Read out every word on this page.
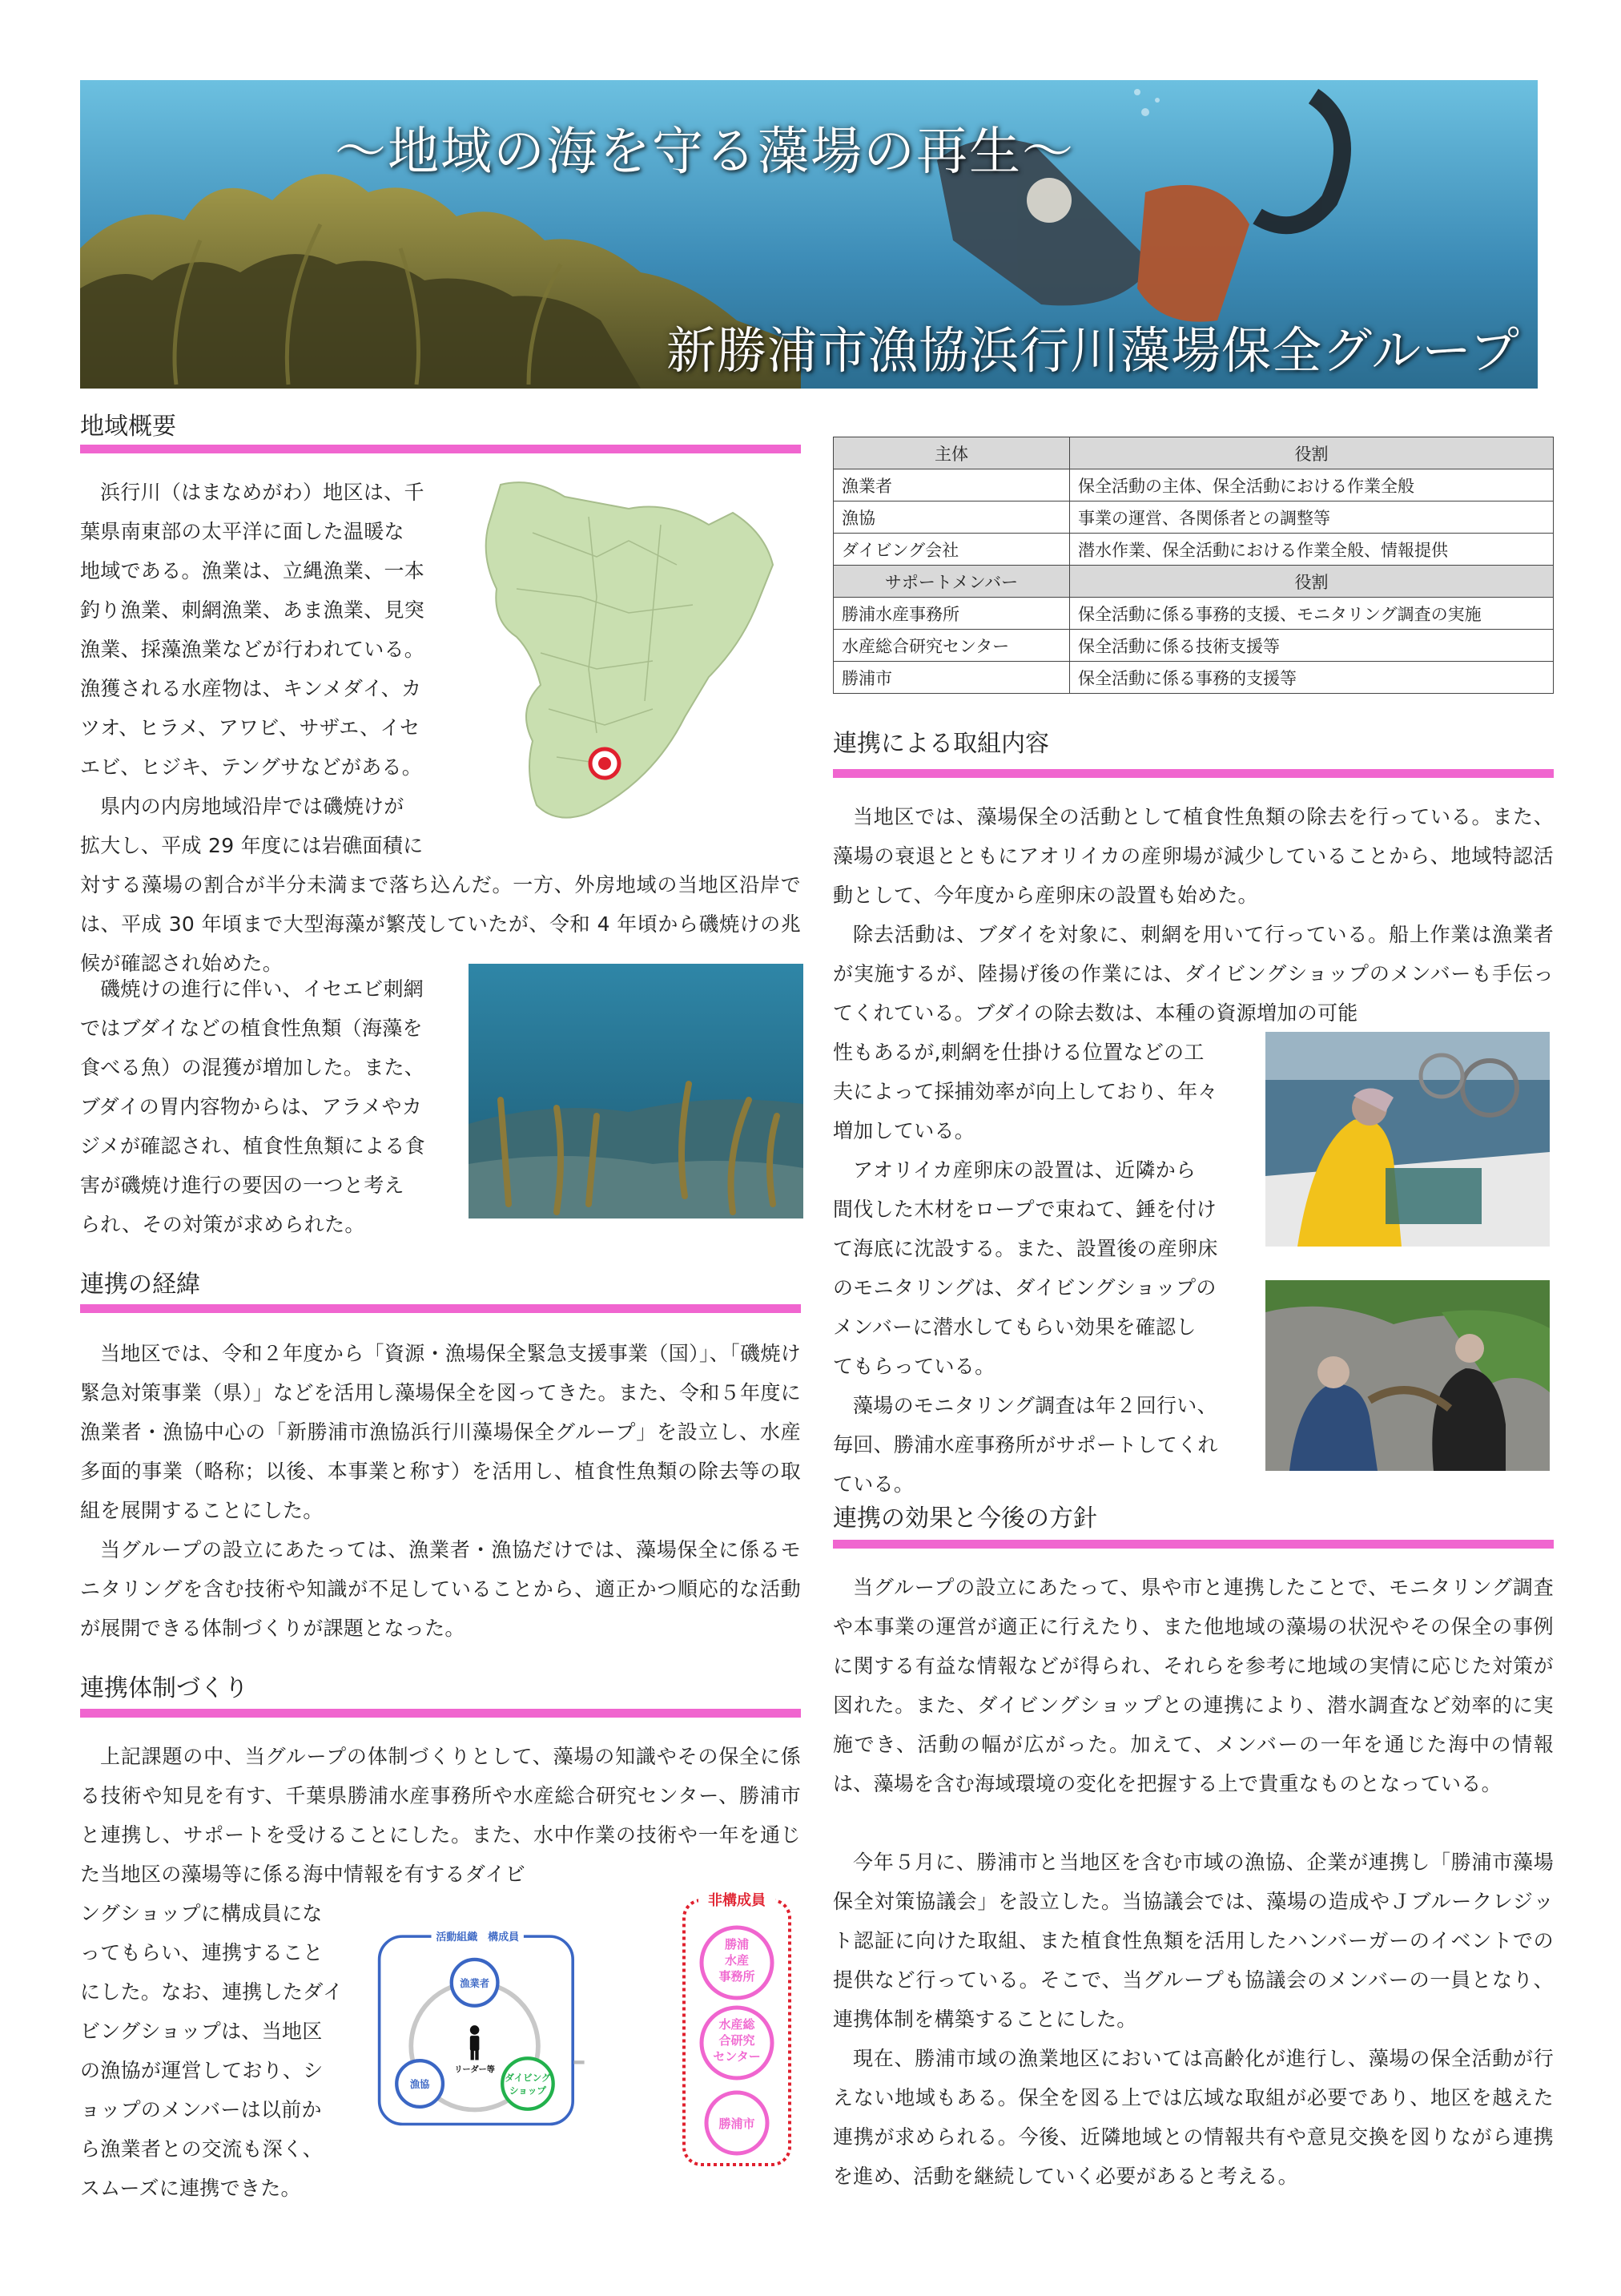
～地域の海を守る藻場の再生～
新勝浦市漁協浜行川藻場保全グループ
地域概要
浜行川（はまなめがわ）地区は、千
葉県南東部の太平洋に面した温暖な
地域である。漁業は、立縄漁業、一本
釣り漁業、刺網漁業、あま漁業、見突
漁業、採藻漁業などが行われている。
漁獲される水産物は、キンメダイ、カ
ツオ、ヒラメ、アワビ、サザエ、イセ
エビ、ヒジキ、テングサなどがある。
県内の内房地域沿岸では磯焼けが
拡大し、平成 29 年度には岩礁面積に
対する藻場の割合が半分未満まで落ち込んだ。一方、外房地域の当地区沿岸では、平成 30 年頃まで大型海藻が繁茂していたが、令和 4 年頃から磯焼けの兆候が確認され始めた。
磯焼けの進行に伴い、イセエビ刺網
ではブダイなどの植食性魚類（海藻を
食べる魚）の混獲が増加した。また、
ブダイの胃内容物からは、アラメやカ
ジメが確認され、植食性魚類による食
害が磯焼け進行の要因の一つと考え
られ、その対策が求められた。
連携の経緯
当地区では、令和２年度から「資源・漁場保全緊急支援事業（国）」、「磯焼け緊急対策事業（県）」などを活用し藻場保全を図ってきた。また、令和５年度に漁業者・漁協中心の「新勝浦市漁協浜行川藻場保全グループ」を設立し、水産多面的事業（略称；以後、本事業と称す）を活用し、植食性魚類の除去等の取組を展開することにした。
当グループの設立にあたっては、漁業者・漁協だけでは、藻場保全に係るモニタリングを含む技術や知識が不足していることから、適正かつ順応的な活動が展開できる体制づくりが課題となった。
連携体制づくり
上記課題の中、当グループの体制づくりとして、藻場の知識やその保全に係る技術や知見を有す、千葉県勝浦水産事務所や水産総合研究センター、勝浦市と連携し、サポートを受けることにした。また、水中作業の技術や一年を通じた当地区の藻場等に係る海中情報を有するダイビ
ングショップに構成員にな
ってもらい、連携すること
にした。なお、連携したダイ
ビングショップは、当地区
の漁協が運営しており、シ
ョップのメンバーは以前か
ら漁業者との交流も深く、
スムーズに連携できた。
活動組織　構成員
漁業者
漁協
ダイビング
ショップ
リーダー等
非構成員
勝浦
水産
事務所
水産総
合研究
センター
勝浦市
主体	役割
漁業者	保全活動の主体、保全活動における作業全般
漁協	事業の運営、各関係者との調整等
ダイビング会社	潜水作業、保全活動における作業全般、情報提供
サポートメンバー	役割
勝浦水産事務所	保全活動に係る事務的支援、モニタリング調査の実施
水産総合研究センター	保全活動に係る技術支援等
勝浦市	保全活動に係る事務的支援等
連携による取組内容
当地区では、藻場保全の活動として植食性魚類の除去を行っている。また、藻場の衰退とともにアオリイカの産卵場が減少していることから、地域特認活動として、今年度から産卵床の設置も始めた。
除去活動は、ブダイを対象に、刺網を用いて行っている。船上作業は漁業者が実施するが、陸揚げ後の作業には、ダイビングショップのメンバーも手伝ってくれている。ブダイの除去数は、本種の資源増加の可能
性もあるが,刺網を仕掛ける位置などの工
夫によって採捕効率が向上しており、年々
増加している。
アオリイカ産卵床の設置は、近隣から
間伐した木材をロープで束ねて、錘を付け
て海底に沈設する。また、設置後の産卵床
のモニタリングは、ダイビングショップの
メンバーに潜水してもらい効果を確認し
てもらっている。
藻場のモニタリング調査は年２回行い、
毎回、勝浦水産事務所がサポートしてくれ
ている。
連携の効果と今後の方針
当グループの設立にあたって、県や市と連携したことで、モニタリング調査や本事業の運営が適正に行えたり、また他地域の藻場の状況やその保全の事例に関する有益な情報などが得られ、それらを参考に地域の実情に応じた対策が図れた。また、ダイビングショップとの連携により、潜水調査など効率的に実施でき、活動の幅が広がった。加えて、メンバーの一年を通じた海中の情報は、藻場を含む海域環境の変化を把握する上で貴重なものとなっている。
今年５月に、勝浦市と当地区を含む市域の漁協、企業が連携し「勝浦市藻場保全対策協議会」を設立した。当協議会では、藻場の造成やＪブルークレジット認証に向けた取組、また植食性魚類を活用したハンバーガーのイベントでの提供など行っている。そこで、当グループも協議会のメンバーの一員となり、連携体制を構築することにした。
現在、勝浦市域の漁業地区においては高齢化が進行し、藻場の保全活動が行えない地域もある。保全を図る上では広域な取組が必要であり、地区を越えた連携が求められる。今後、近隣地域との情報共有や意見交換を図りながら連携を進め、活動を継続していく必要があると考える。
